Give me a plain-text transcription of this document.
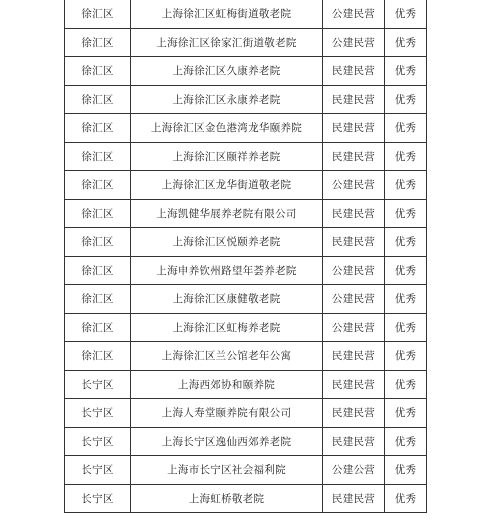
徐汇区	上海徐汇区虹梅街道敬老院	公建民营	优秀
徐汇区	上海徐汇区徐家汇街道敬老院	公建民营	优秀
徐汇区	上海徐汇区久康养老院	民建民营	优秀
徐汇区	上海徐汇区永康养老院	民建民营	优秀
徐汇区	上海徐汇区金色港湾龙华颐养院	民建民营	优秀
徐汇区	上海徐汇区颐祥养老院	民建民营	优秀
徐汇区	上海徐汇区龙华街道敬老院	公建民营	优秀
徐汇区	上海凯健华展养老院有限公司	民建民营	优秀
徐汇区	上海徐汇区悦颐养老院	民建民营	优秀
徐汇区	上海申养钦州路望年荟养老院	公建民营	优秀
徐汇区	上海徐汇区康健敬老院	公建民营	优秀
徐汇区	上海徐汇区虹梅养老院	公建民营	优秀
徐汇区	上海徐汇区兰公馆老年公寓	民建民营	优秀
长宁区	上海西郊协和颐养院	民建民营	优秀
长宁区	上海人寿堂颐养院有限公司	民建民营	优秀
长宁区	上海长宁区逸仙西郊养老院	民建民营	优秀
长宁区	上海市长宁区社会福利院	公建公营	优秀
长宁区	上海虹桥敬老院	民建民营	优秀
